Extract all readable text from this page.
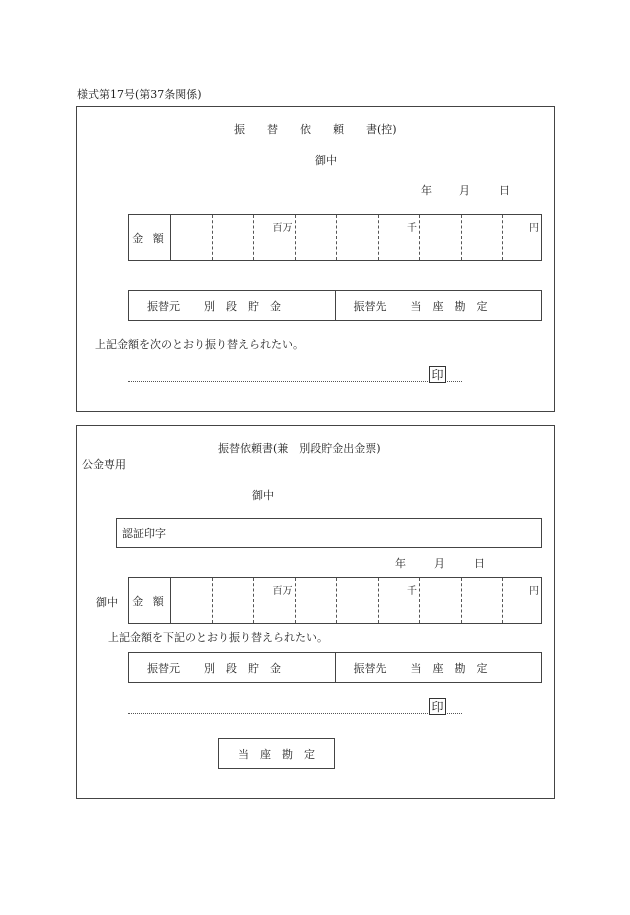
様式第17号(第37条関係)
振　　替　　依　　頼　　書(控)
御中
年 月	日
金 額
百万	千	円
振替元 別　段　貯　金	振替先 当　座　勘　定
上記金額を次のとおり振り替えられたい。
印
振替依頼書(兼　別段貯金出金票)
公金専用
御中
認証印字
年	月	日
御中 金 額
百万	千	円
上記金額を下記のとおり振り替えられたい。
振替元 別　段　貯　金	振替先 当　座　勘　定
印
当　座　勘　定
